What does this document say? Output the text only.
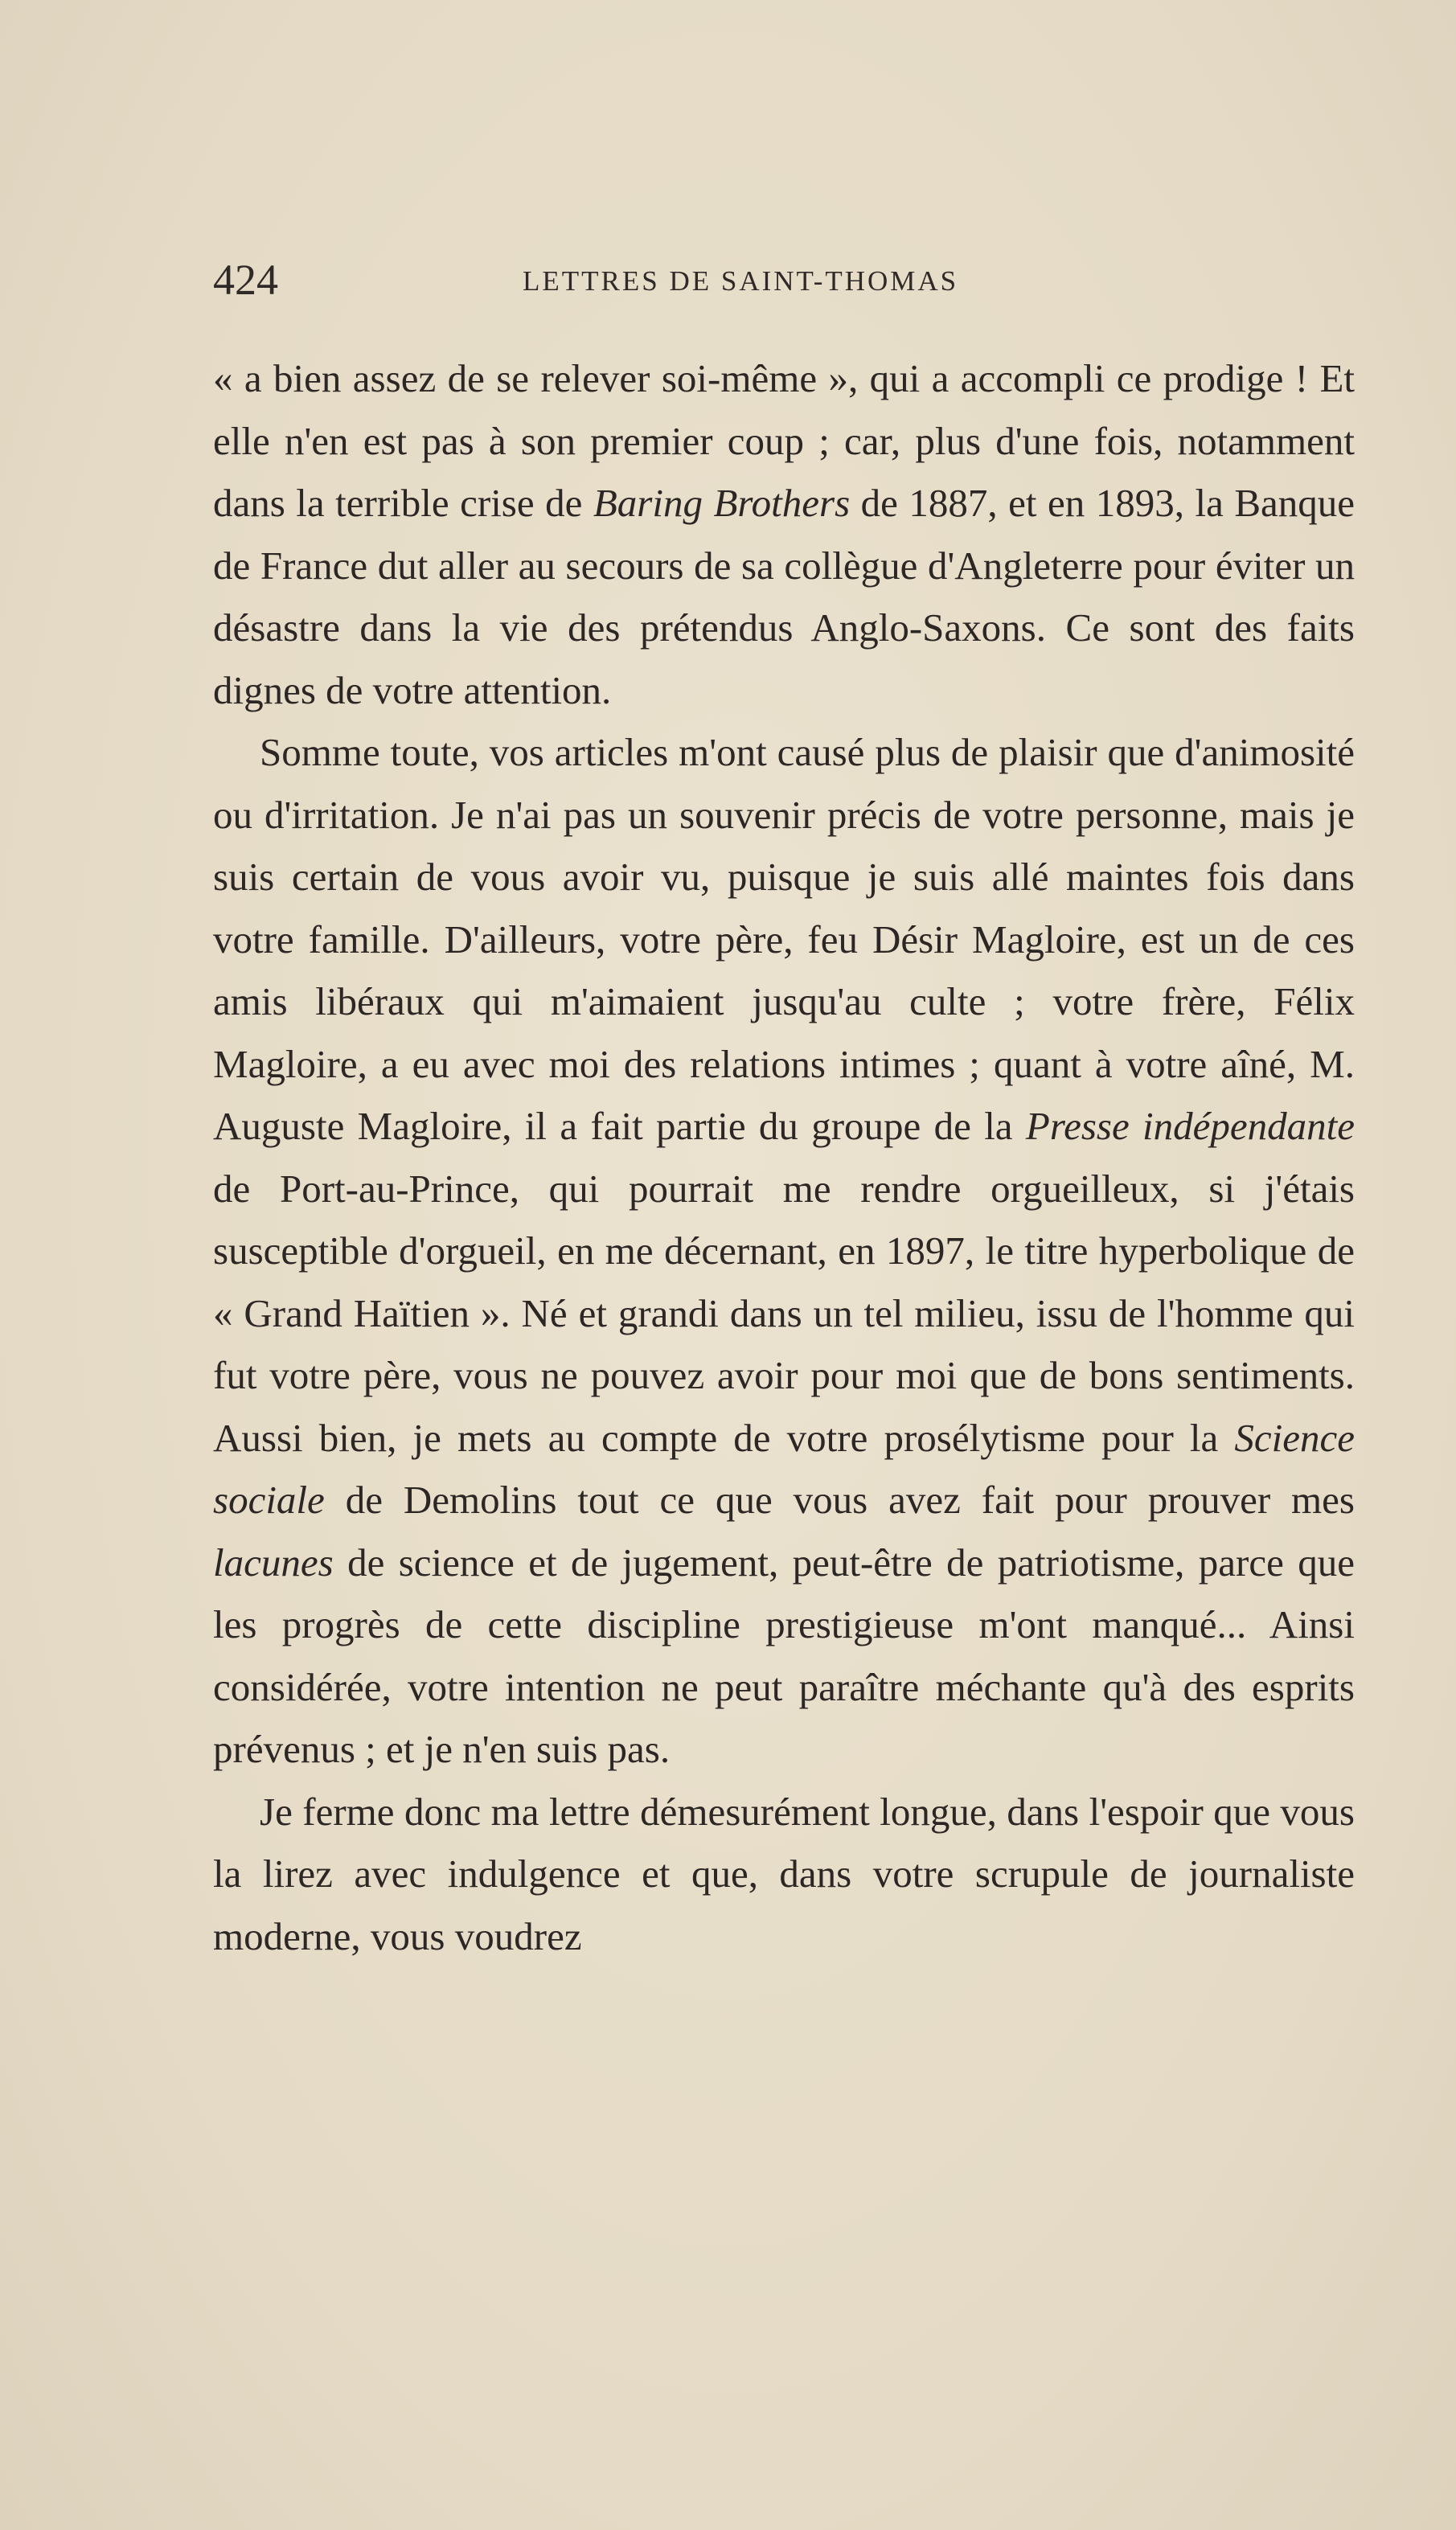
424	LETTRES DE SAINT-THOMAS

« a bien assez de se relever soi-même », qui a accompli ce prodige ! Et elle n'en est pas à son premier coup ; car, plus d'une fois, notamment dans la terrible crise de Baring Brothers de 1887, et en 1893, la Banque de France dut aller au secours de sa collègue d'Angleterre pour éviter un désastre dans la vie des prétendus Anglo-Saxons. Ce sont des faits dignes de votre attention.

Somme toute, vos articles m'ont causé plus de plaisir que d'animosité ou d'irritation. Je n'ai pas un souvenir précis de votre personne, mais je suis certain de vous avoir vu, puisque je suis allé maintes fois dans votre famille. D'ailleurs, votre père, feu Désir Magloire, est un de ces amis libéraux qui m'aimaient jusqu'au culte ; votre frère, Félix Magloire, a eu avec moi des relations intimes ; quant à votre aîné, M. Auguste Magloire, il a fait partie du groupe de la Presse indépendante de Port-au-Prince, qui pourrait me rendre orgueilleux, si j'étais susceptible d'orgueil, en me décernant, en 1897, le titre hyperbolique de « Grand Haïtien ». Né et grandi dans un tel milieu, issu de l'homme qui fut votre père, vous ne pouvez avoir pour moi que de bons sentiments. Aussi bien, je mets au compte de votre prosélytisme pour la Science sociale de Demolins tout ce que vous avez fait pour prouver mes lacunes de science et de jugement, peut-être de patriotisme, parce que les progrès de cette discipline prestigieuse m'ont manqué... Ainsi considérée, votre intention ne peut paraître méchante qu'à des esprits prévenus ; et je n'en suis pas.

Je ferme donc ma lettre démesurément longue, dans l'espoir que vous la lirez avec indulgence et que, dans votre scrupule de journaliste moderne, vous voudrez
